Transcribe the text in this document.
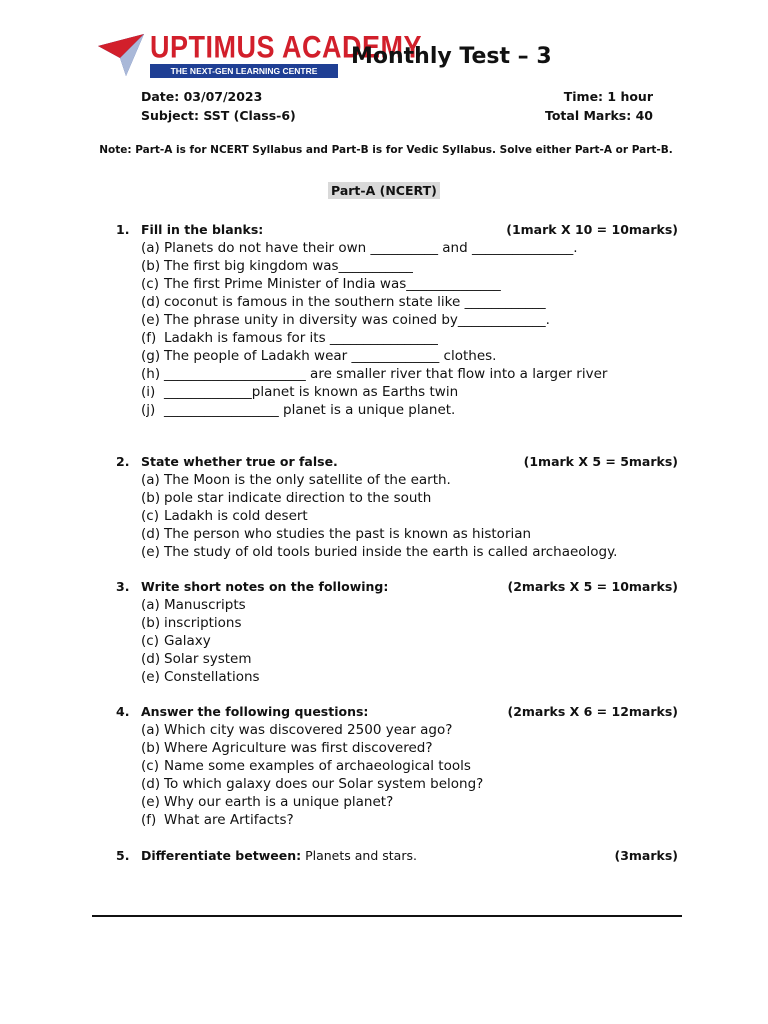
UPTIMUS ACADEMY
THE NEXT-GEN LEARNING CENTRE
Monthly Test – 3
Date: 03/07/2023
Subject: SST (Class-6)
Time: 1 hour
Total Marks: 40
Note: Part-A is for NCERT Syllabus and Part-B is for Vedic Syllabus. Solve either Part-A or Part-B.
Part-A (NCERT)
1. Fill in the blanks:	(1mark X 10 = 10marks)
(a) Planets do not have their own __________ and _______________.
(b) The first big kingdom was___________
(c) The first Prime Minister of India was______________
(d) coconut is famous in the southern state like ____________
(e) The phrase unity in diversity was coined by_____________.
(f) Ladakh is famous for its ________________
(g) The people of Ladakh wear _____________ clothes.
(h) _____________________ are smaller river that flow into a larger river
(i) _____________planet is known as Earths twin
(j) _________________ planet is a unique planet.
2. State whether true or false.	(1mark X 5 = 5marks)
(a) The Moon is the only satellite of the earth.
(b) pole star indicate direction to the south
(c) Ladakh is cold desert
(d) The person who studies the past is known as historian
(e) The study of old tools buried inside the earth is called archaeology.
3. Write short notes on the following:	(2marks X 5 = 10marks)
(a) Manuscripts
(b) inscriptions
(c) Galaxy
(d) Solar system
(e) Constellations
4. Answer the following questions:	(2marks X 6 = 12marks)
(a) Which city was discovered 2500 year ago?
(b) Where Agriculture was first discovered?
(c) Name some examples of archaeological tools
(d) To which galaxy does our Solar system belong?
(e) Why our earth is a unique planet?
(f) What are Artifacts?
5. Differentiate between: Planets and stars.	(3marks)
